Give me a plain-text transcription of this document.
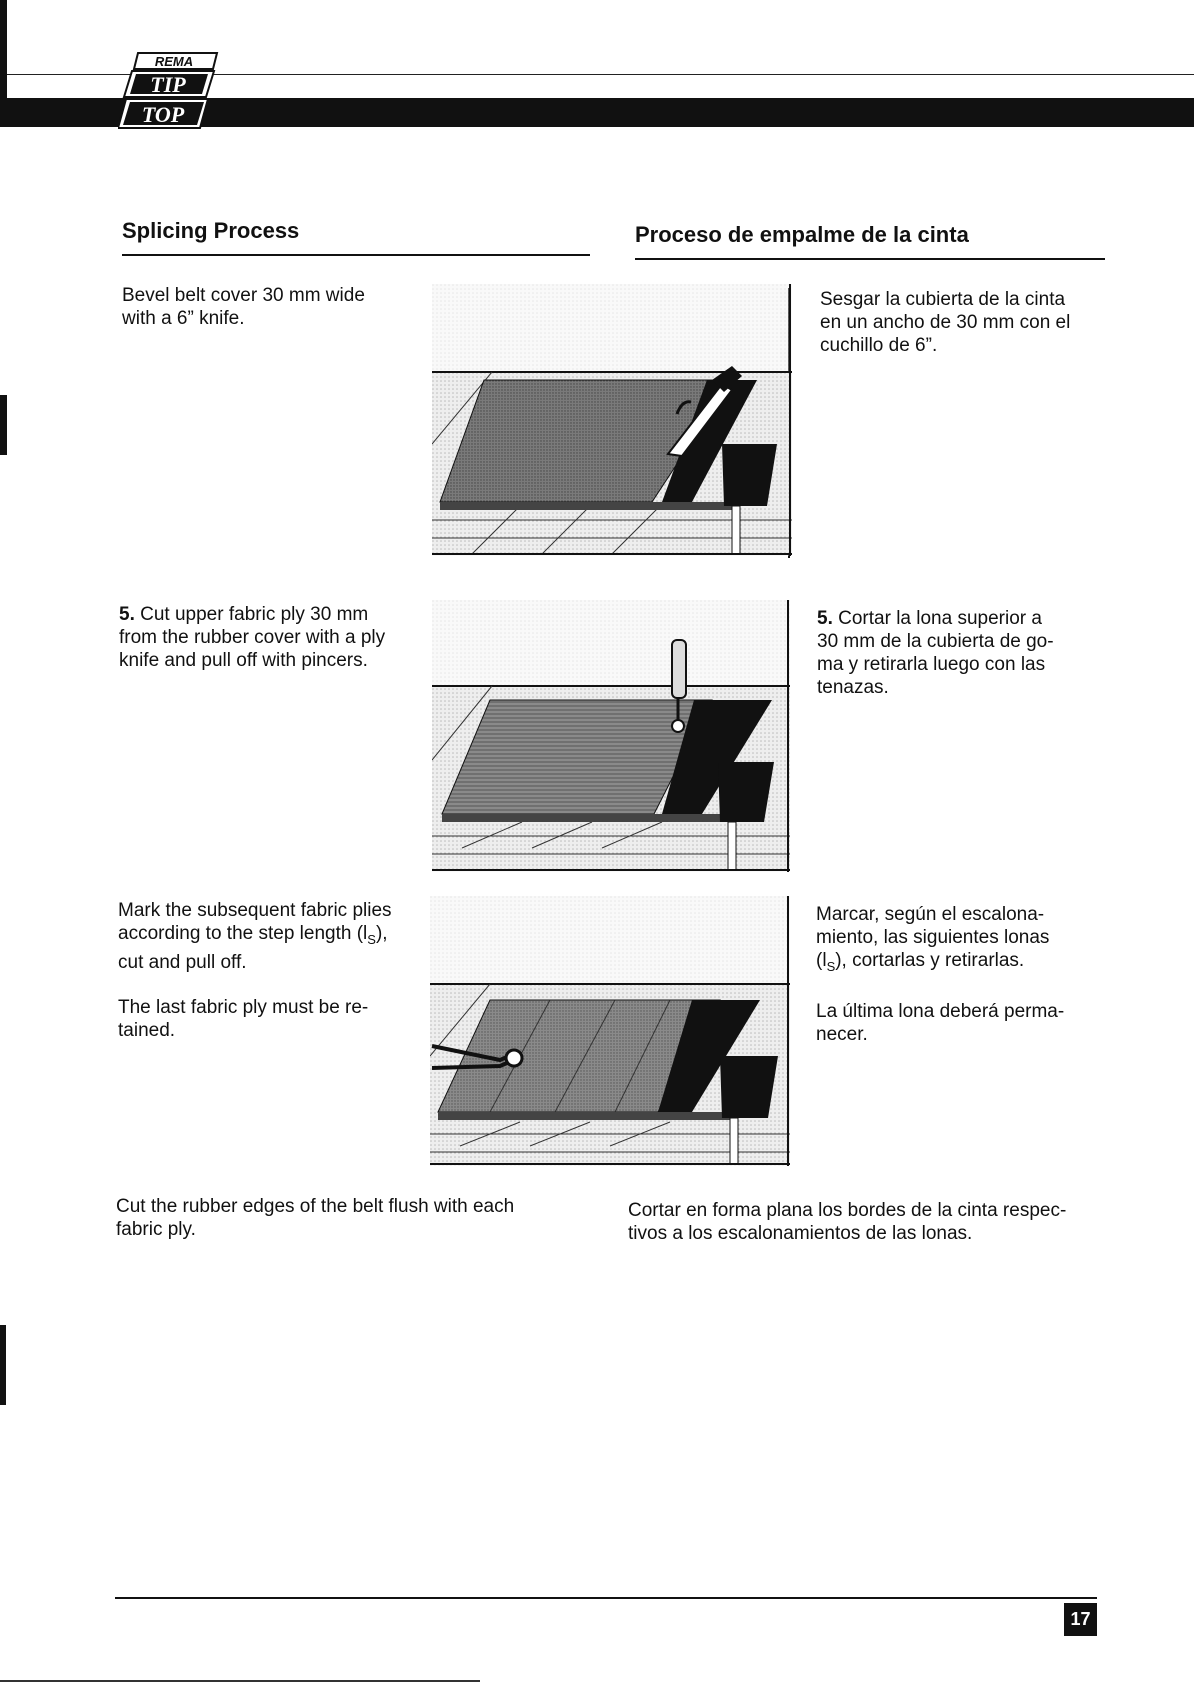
REMA
TIP
TOP
Splicing Process	Proceso de empalme de la cinta
Bevel belt cover 30 mm wide
with a 6” knife.
Sesgar la cubierta de la cinta
en un ancho de 30 mm con el
cuchillo de 6”.
5. Cut upper fabric ply 30 mm
from the rubber cover with a ply
knife and pull off with pincers.
5. Cortar la lona superior a
30 mm de la cubierta de go-
ma y retirarla luego con las
tenazas.
Mark the subsequent fabric plies
according to the step length $(l_S)$,
cut and pull off.
The last fabric ply must be re-
tained.
Marcar, según el escalona-
miento, las siguientes lonas
$(l_S)$, cortarlas y retirarlas.
La última lona deberá perma-
necer.
Cut the rubber edges of the belt flush with each
fabric ply.
Cortar en forma plana los bordes de la cinta respec-
tivos a los escalonamientos de las lonas.
17
